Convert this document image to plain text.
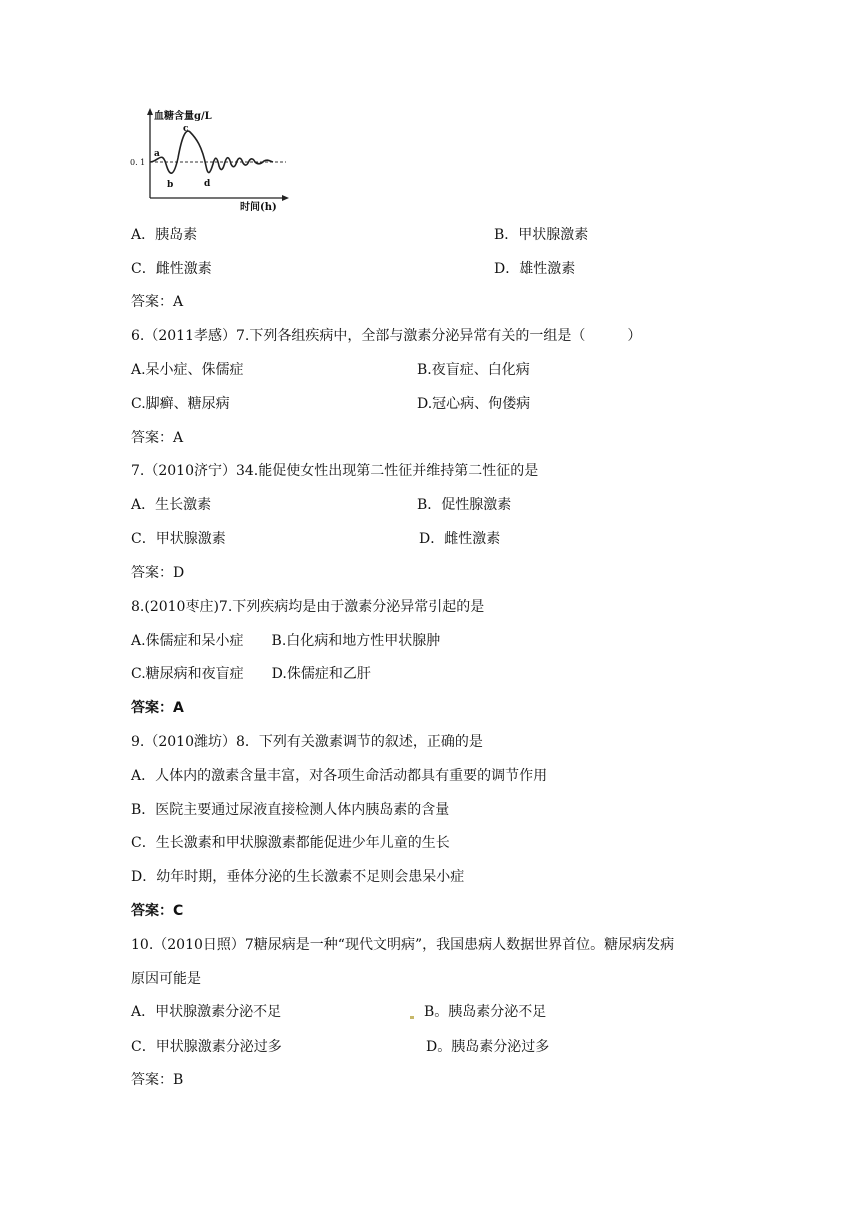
血糖含量g/L
时间(h)
0. 1
a
b
c
d
A．胰岛素	B．甲状腺激素
C．雌性激素	D．雄性激素
答案：A
6.（2011孝感）7.下列各组疾病中，全部与激素分泌异常有关的一组是（　　　）
A.呆小症、侏儒症	B.夜盲症、白化病
C.脚癣、糖尿病	D.冠心病、佝偻病
答案：A
7.（2010济宁）34.能促使女性出现第二性征并维持第二性征的是
A．生长激素	B．促性腺激素
C．甲状腺激素	D．雌性激素
答案：D
8.(2010枣庄)7.下列疾病均是由于激素分泌异常引起的是
A.侏儒症和呆小症　　B.白化病和地方性甲状腺肿
C.糖尿病和夜盲症　　D.侏儒症和乙肝
答案：A
9.（2010潍坊）8．下列有关激素调节的叙述，正确的是
A．人体内的激素含量丰富，对各项生命活动都具有重要的调节作用
B．医院主要通过尿液直接检测人体内胰岛素的含量
C．生长激素和甲状腺激素都能促进少年儿童的生长
D．幼年时期，垂体分泌的生长激素不足则会患呆小症
答案：C
10.（2010日照）7糖尿病是一种“现代文明病”，我国患病人数据世界首位。糖尿病发病
原因可能是
A．甲状腺激素分泌不足	B。胰岛素分泌不足
C．甲状腺激素分泌过多	D。胰岛素分泌过多
答案：B
